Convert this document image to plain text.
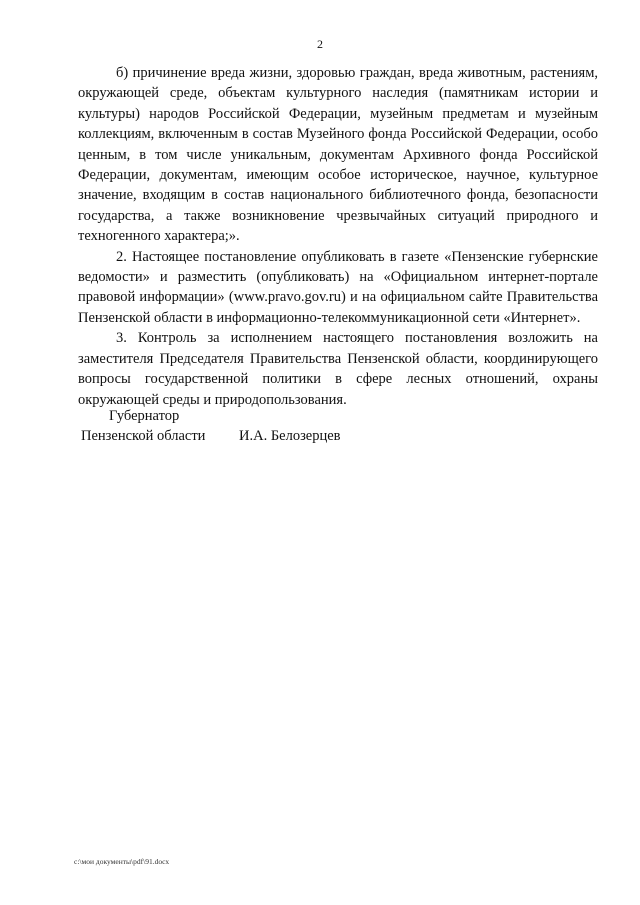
2

б) причинение вреда жизни, здоровью граждан, вреда животным, растениям, окружающей среде, объектам культурного наследия (памятникам истории и культуры) народов Российской Федерации, музейным предметам и музейным коллекциям, включенным в состав Музейного фонда Российской Федерации, особо ценным, в том числе уникальным, документам Архивного фонда Российской Федерации, документам, имеющим особое историческое, научное, культурное значение, входящим в состав национального библиотечного фонда, безопасности государства, а также возникновение чрезвычайных ситуаций природного и техногенного характера;».

2. Настоящее постановление опубликовать в газете «Пензенские губернские ведомости» и разместить (опубликовать) на «Официальном интернет-портале правовой информации» (www.pravo.gov.ru) и на официальном сайте Правительства Пензенской области в информационно-телекоммуникационной сети «Интернет».

3. Контроль за исполнением настоящего постановления возложить на заместителя Председателя Правительства Пензенской области, координирующего вопросы государственной политики в сфере лесных отношений, охраны окружающей среды и природопользования.

Губернатор
Пензенской области И.А. Белозерцев
c:\мои документы\pdf\91.docx
